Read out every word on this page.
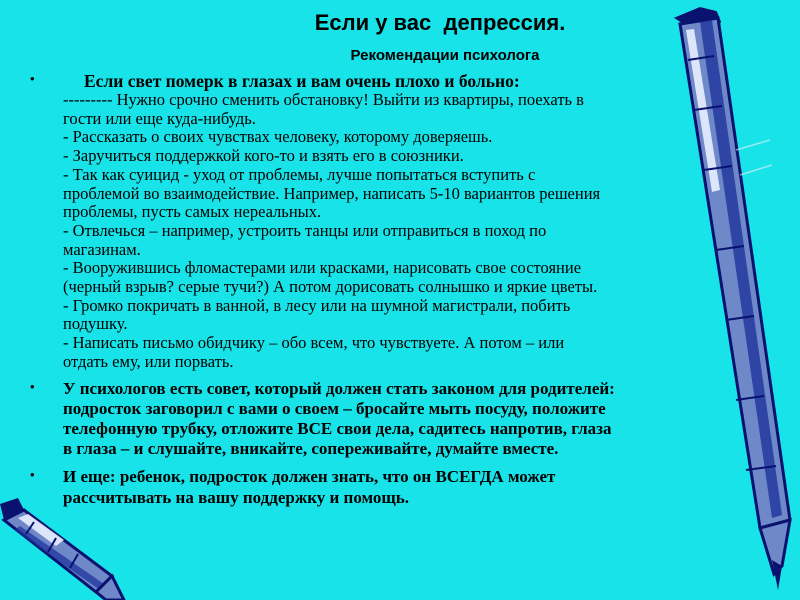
Если у вас  депрессия.
Рекомендации психолога
•	Если свет померк в глазах и вам очень плохо и больно:
--------- Нужно срочно сменить обстановку! Выйти из квартиры, поехать в
гости или еще куда-нибудь.
- Рассказать о своих чувствах человеку, которому доверяешь.
- Заручиться поддержкой кого-то и взять его в союзники.
- Так как суицид - уход от проблемы, лучше попытаться вступить с
проблемой во взаимодействие. Например, написать 5-10 вариантов решения
проблемы, пусть самых нереальных.
- Отвлечься – например, устроить танцы или отправиться в поход по
магазинам.
- Вооружившись фломастерами или красками, нарисовать свое состояние
(черный взрыв? серые тучи?) А потом дорисовать солнышко и яркие цветы.
- Громко покричать в ванной, в лесу или на шумной магистрали, побить
подушку.
- Написать письмо обидчику – обо всем, что чувствуете. А потом – или
отдать ему, или порвать.
• У психологов есть совет, который должен стать законом для родителей:
подросток заговорил с вами о своем – бросайте мыть посуду, положите
телефонную трубку, отложите ВСЕ свои дела, садитесь напротив, глаза
в глаза – и слушайте, вникайте, сопереживайте, думайте вместе.
• И еще: ребенок, подросток должен знать, что он ВСЕГДА может
рассчитывать на вашу поддержку и помощь.
